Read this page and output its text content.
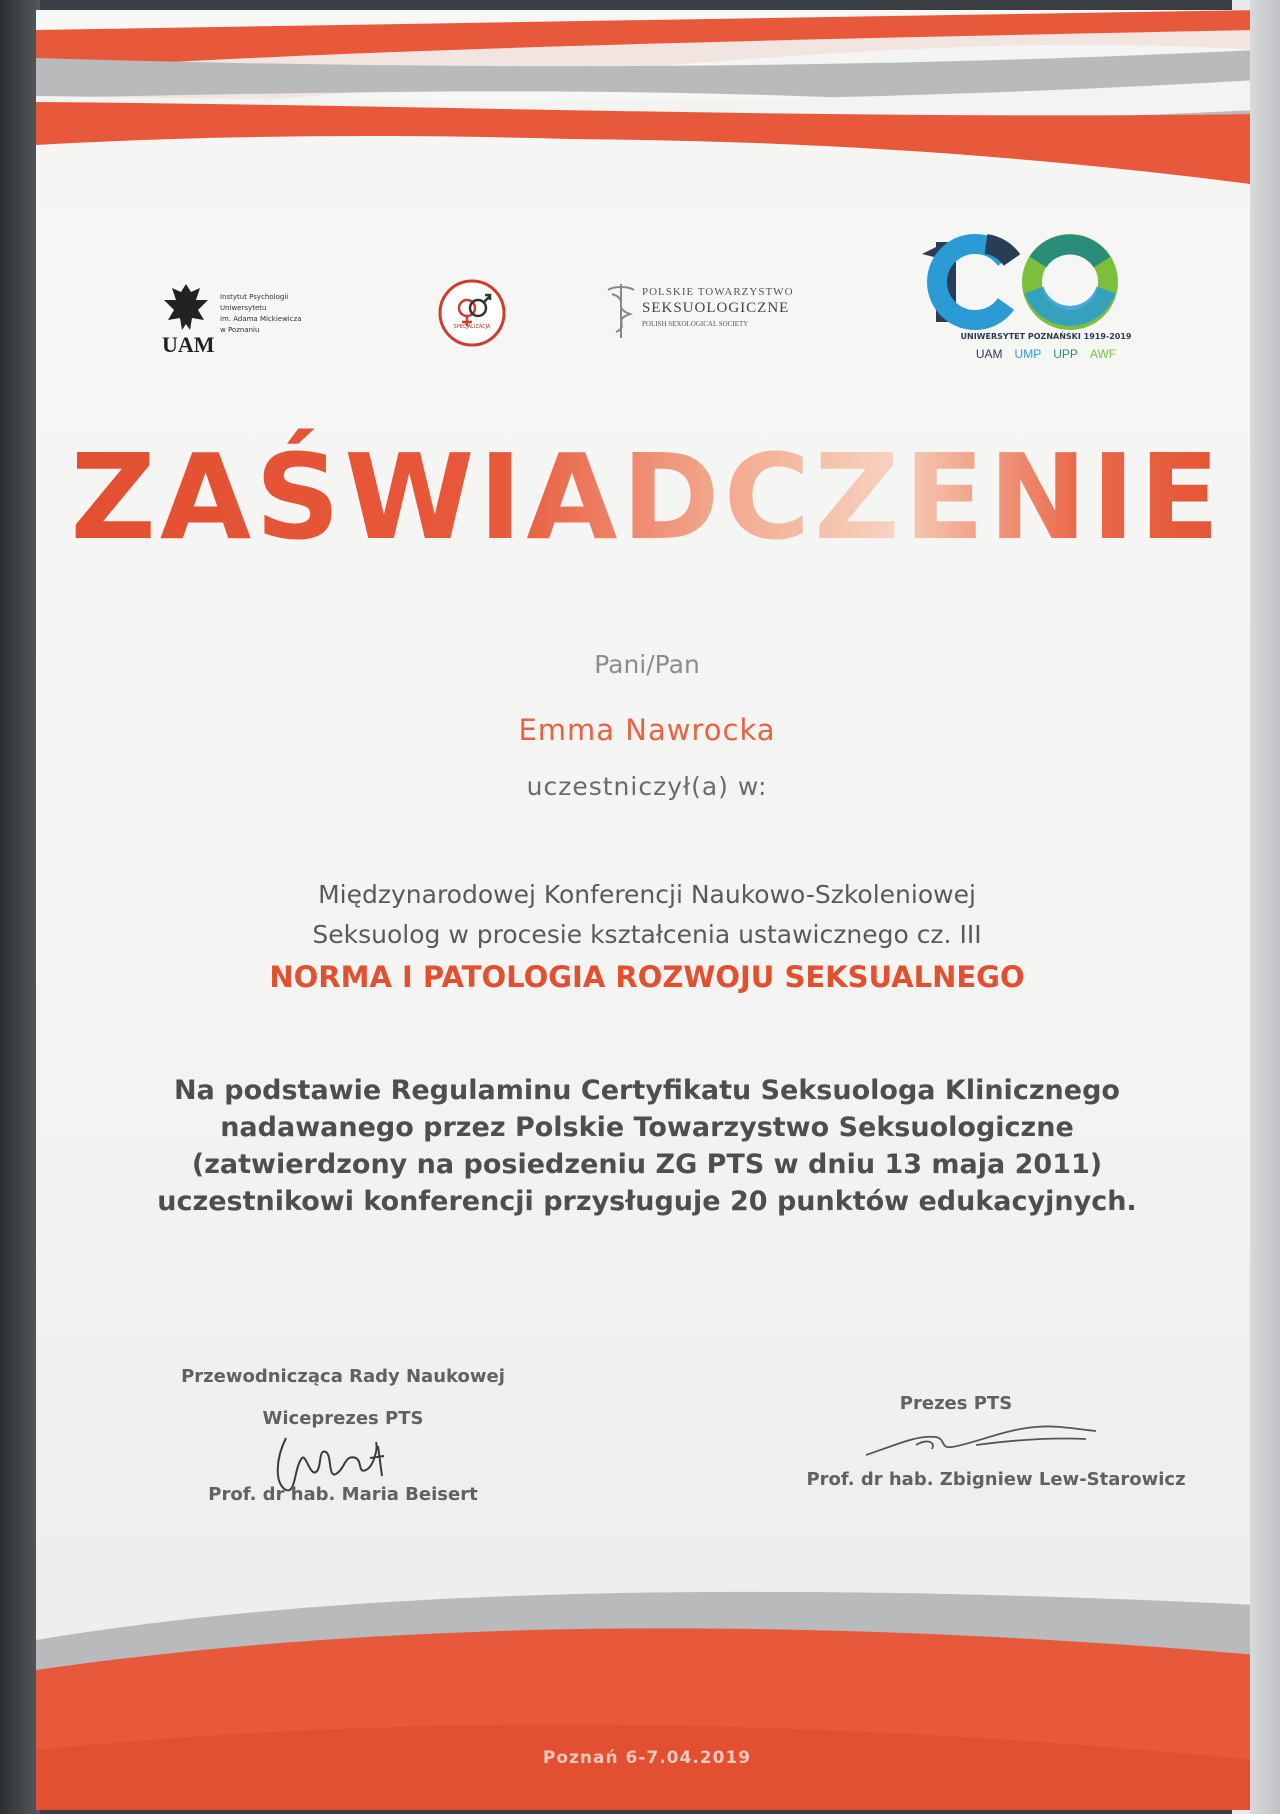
UAM
Instytut Psychologii
Uniwersytetu
im. Adama Mickiewicza
w Poznaniu	SPECJALIZACJA
POLSKIE TOWARZYSTWO
SEKSUOLOGICZNE
POLISH SEXOLOGICAL SOCIETY
UNIWERSYTET POZNAŃSKI 1919-2019
UAM UMP UPP AWF
ZAŚWIADCZENIE
Pani/Pan
Emma Nawrocka
uczestniczył(a) w:
Międzynarodowej Konferencji Naukowo-Szkoleniowej
Seksuolog w procesie kształcenia ustawicznego cz. III
NORMA I PATOLOGIA ROZWOJU SEKSUALNEGO
Na podstawie Regulaminu Certyfikatu Seksuologa Klinicznego
nadawanego przez Polskie Towarzystwo Seksuologiczne
(zatwierdzony na posiedzeniu ZG PTS w dniu 13 maja 2011)
uczestnikowi konferencji przysługuje 20 punktów edukacyjnych.
Przewodnicząca Rady Naukowej
Wiceprezes PTS
Prof. dr hab. Maria Beisert
Prezes PTS
Prof. dr hab. Zbigniew Lew-Starowicz
Poznań 6-7.04.2019
